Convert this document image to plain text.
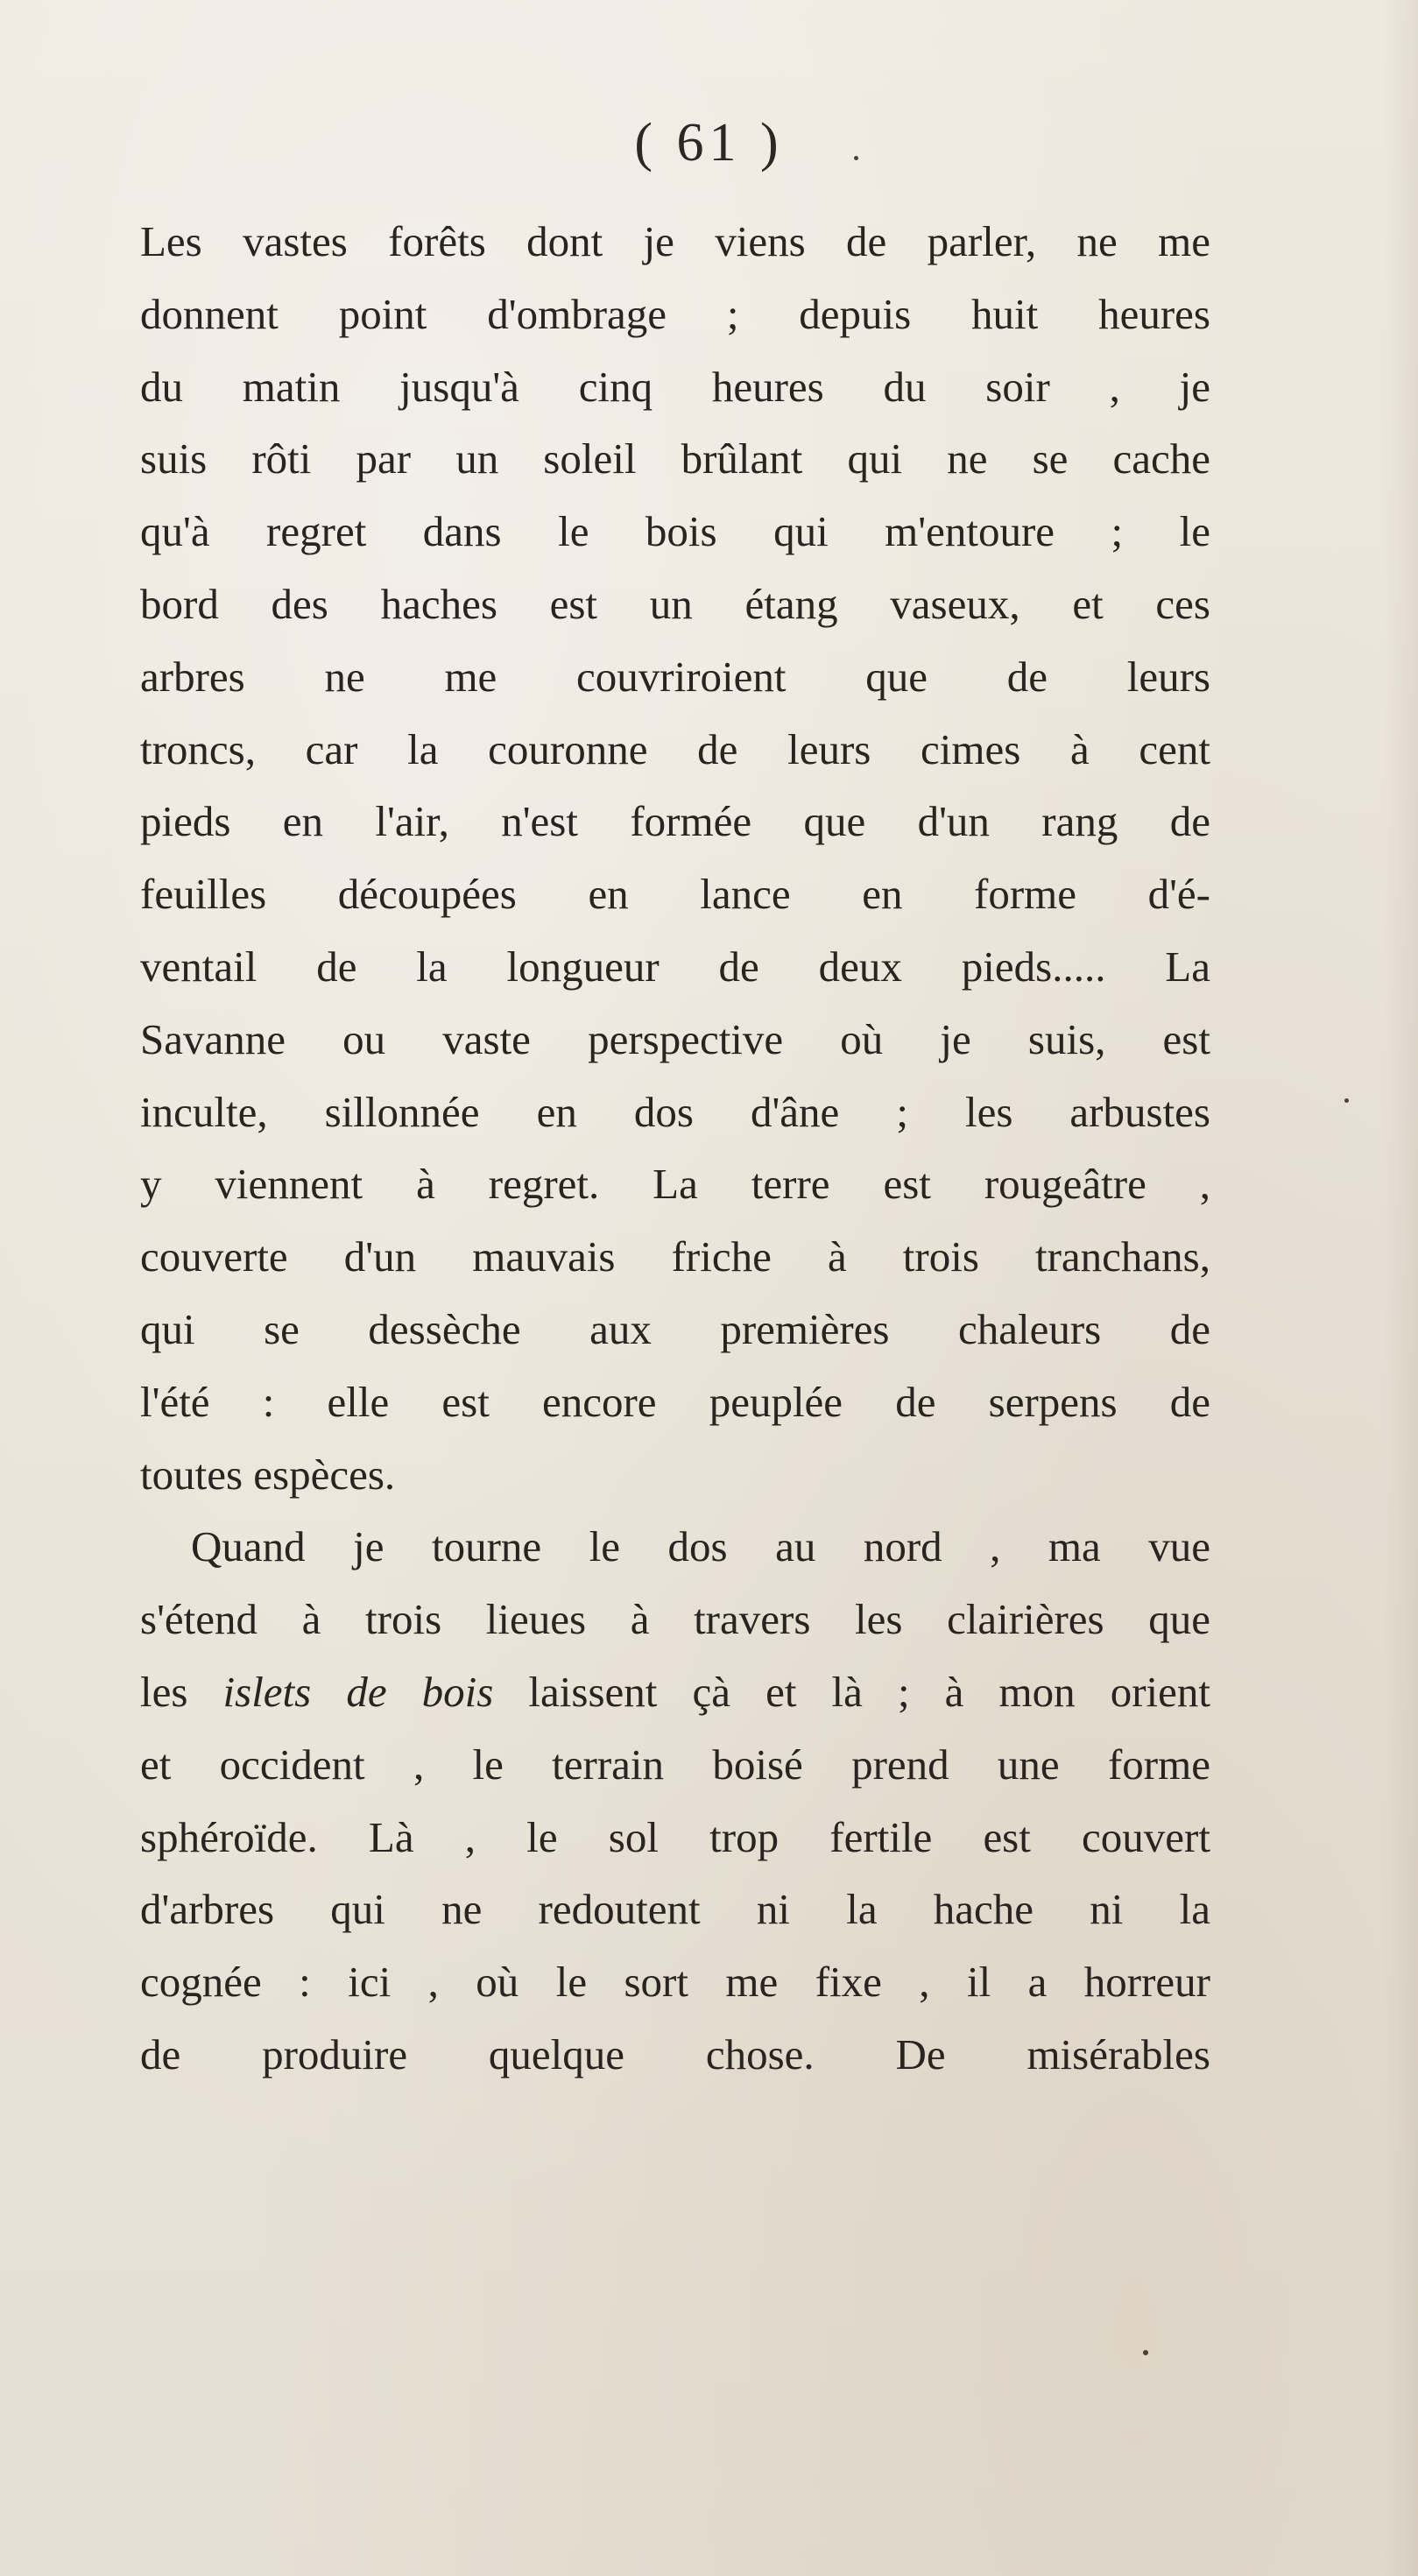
( 61 )
Les vastes forêts dont je viens de parler, ne me
donnent point d'ombrage ; depuis huit heures
du matin jusqu'à cinq heures du soir , je
suis rôti par un soleil brûlant qui ne se cache
qu'à regret dans le bois qui m'entoure ; le
bord des haches est un étang vaseux, et ces
arbres ne me couvriroient que de leurs
troncs, car la couronne de leurs cimes à cent
pieds en l'air, n'est formée que d'un rang de
feuilles découpées en lance en forme d'é-
ventail de la longueur de deux pieds..... La
Savanne ou vaste perspective où je suis, est
inculte, sillonnée en dos d'âne ; les arbustes
y viennent à regret. La terre est rougeâtre ,
couverte d'un mauvais friche à trois tranchans,
qui se dessèche aux premières chaleurs de
l'été : elle est encore peuplée de serpens de
toutes espèces.
Quand je tourne le dos au nord , ma vue
s'étend à trois lieues à travers les clairières que
les islets de bois laissent çà et là ; à mon orient
et occident , le terrain boisé prend une forme
sphéroïde. Là , le sol trop fertile est couvert
d'arbres qui ne redoutent ni la hache ni la
cognée : ici , où le sort me fixe , il a horreur
de produire quelque chose. De misérables
